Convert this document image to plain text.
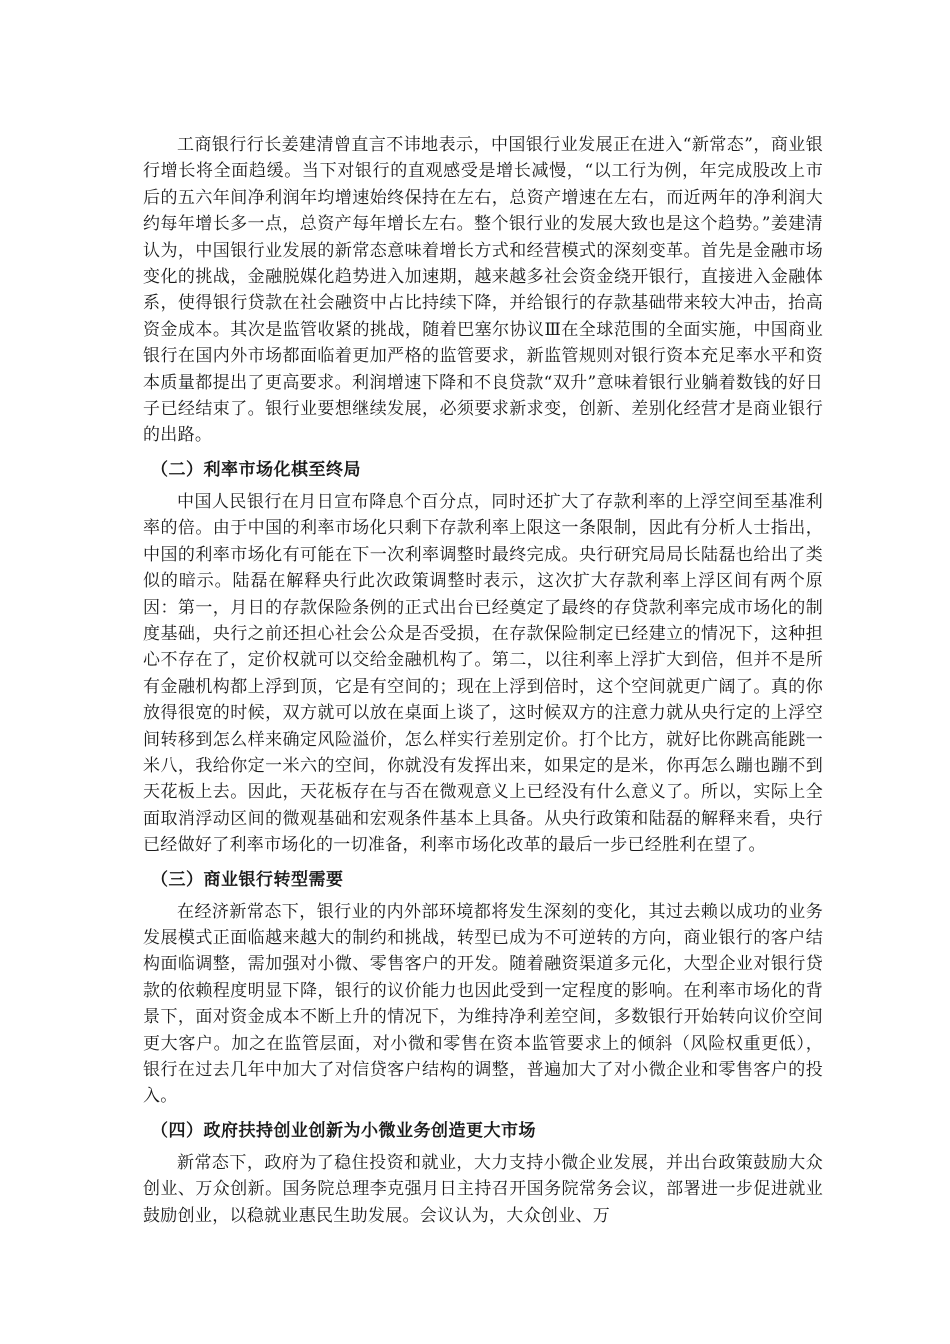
工商银行行长姜建清曾直言不讳地表示，中国银行业发展正在进入“新常态”，商业银行增长将全面趋缓。当下对银行的直观感受是增长减慢，“以工行为例，年完成股改上市后的五六年间净利润年均增速始终保持在左右，总资产增速在左右，而近两年的净利润大约每年增长多一点，总资产每年增长左右。整个银行业的发展大致也是这个趋势。”姜建清认为，中国银行业发展的新常态意味着增长方式和经营模式的深刻变革。首先是金融市场变化的挑战，金融脱媒化趋势进入加速期，越来越多社会资金绕开银行，直接进入金融体系，使得银行贷款在社会融资中占比持续下降，并给银行的存款基础带来较大冲击，抬高资金成本。其次是监管收紧的挑战，随着巴塞尔协议Ⅲ在全球范围的全面实施，中国商业银行在国内外市场都面临着更加严格的监管要求，新监管规则对银行资本充足率水平和资本质量都提出了更高要求。利润增速下降和不良贷款“双升”意味着银行业躺着数钱的好日子已经结束了。银行业要想继续发展，必须要求新求变，创新、差别化经营才是商业银行的出路。

（二）利率市场化棋至终局

中国人民银行在月日宣布降息个百分点，同时还扩大了存款利率的上浮空间至基准利率的倍。由于中国的利率市场化只剩下存款利率上限这一条限制，因此有分析人士指出，中国的利率市场化有可能在下一次利率调整时最终完成。央行研究局局长陆磊也给出了类似的暗示。陆磊在解释央行此次政策调整时表示，这次扩大存款利率上浮区间有两个原因：第一，月日的存款保险条例的正式出台已经奠定了最终的存贷款利率完成市场化的制度基础，央行之前还担心社会公众是否受损，在存款保险制定已经建立的情况下，这种担心不存在了，定价权就可以交给金融机构了。第二，以往利率上浮扩大到倍，但并不是所有金融机构都上浮到顶，它是有空间的；现在上浮到倍时，这个空间就更广阔了。真的你放得很宽的时候，双方就可以放在桌面上谈了，这时候双方的注意力就从央行定的上浮空间转移到怎么样来确定风险溢价，怎么样实行差别定价。打个比方，就好比你跳高能跳一米八，我给你定一米六的空间，你就没有发挥出来，如果定的是米，你再怎么蹦也蹦不到天花板上去。因此，天花板存在与否在微观意义上已经没有什么意义了。所以，实际上全面取消浮动区间的微观基础和宏观条件基本上具备。从央行政策和陆磊的解释来看，央行已经做好了利率市场化的一切准备，利率市场化改革的最后一步已经胜利在望了。

（三）商业银行转型需要

在经济新常态下，银行业的内外部环境都将发生深刻的变化，其过去赖以成功的业务发展模式正面临越来越大的制约和挑战，转型已成为不可逆转的方向，商业银行的客户结构面临调整，需加强对小微、零售客户的开发。随着融资渠道多元化，大型企业对银行贷款的依赖程度明显下降，银行的议价能力也因此受到一定程度的影响。在利率市场化的背景下，面对资金成本不断上升的情况下，为维持净利差空间，多数银行开始转向议价空间更大客户。加之在监管层面，对小微和零售在资本监管要求上的倾斜（风险权重更低），银行在过去几年中加大了对信贷客户结构的调整，普遍加大了对小微企业和零售客户的投入。

（四）政府扶持创业创新为小微业务创造更大市场

新常态下，政府为了稳住投资和就业，大力支持小微企业发展，并出台政策鼓励大众创业、万众创新。国务院总理李克强月日主持召开国务院常务会议，部署进一步促进就业鼓励创业，以稳就业惠民生助发展。会议认为，大众创业、万
